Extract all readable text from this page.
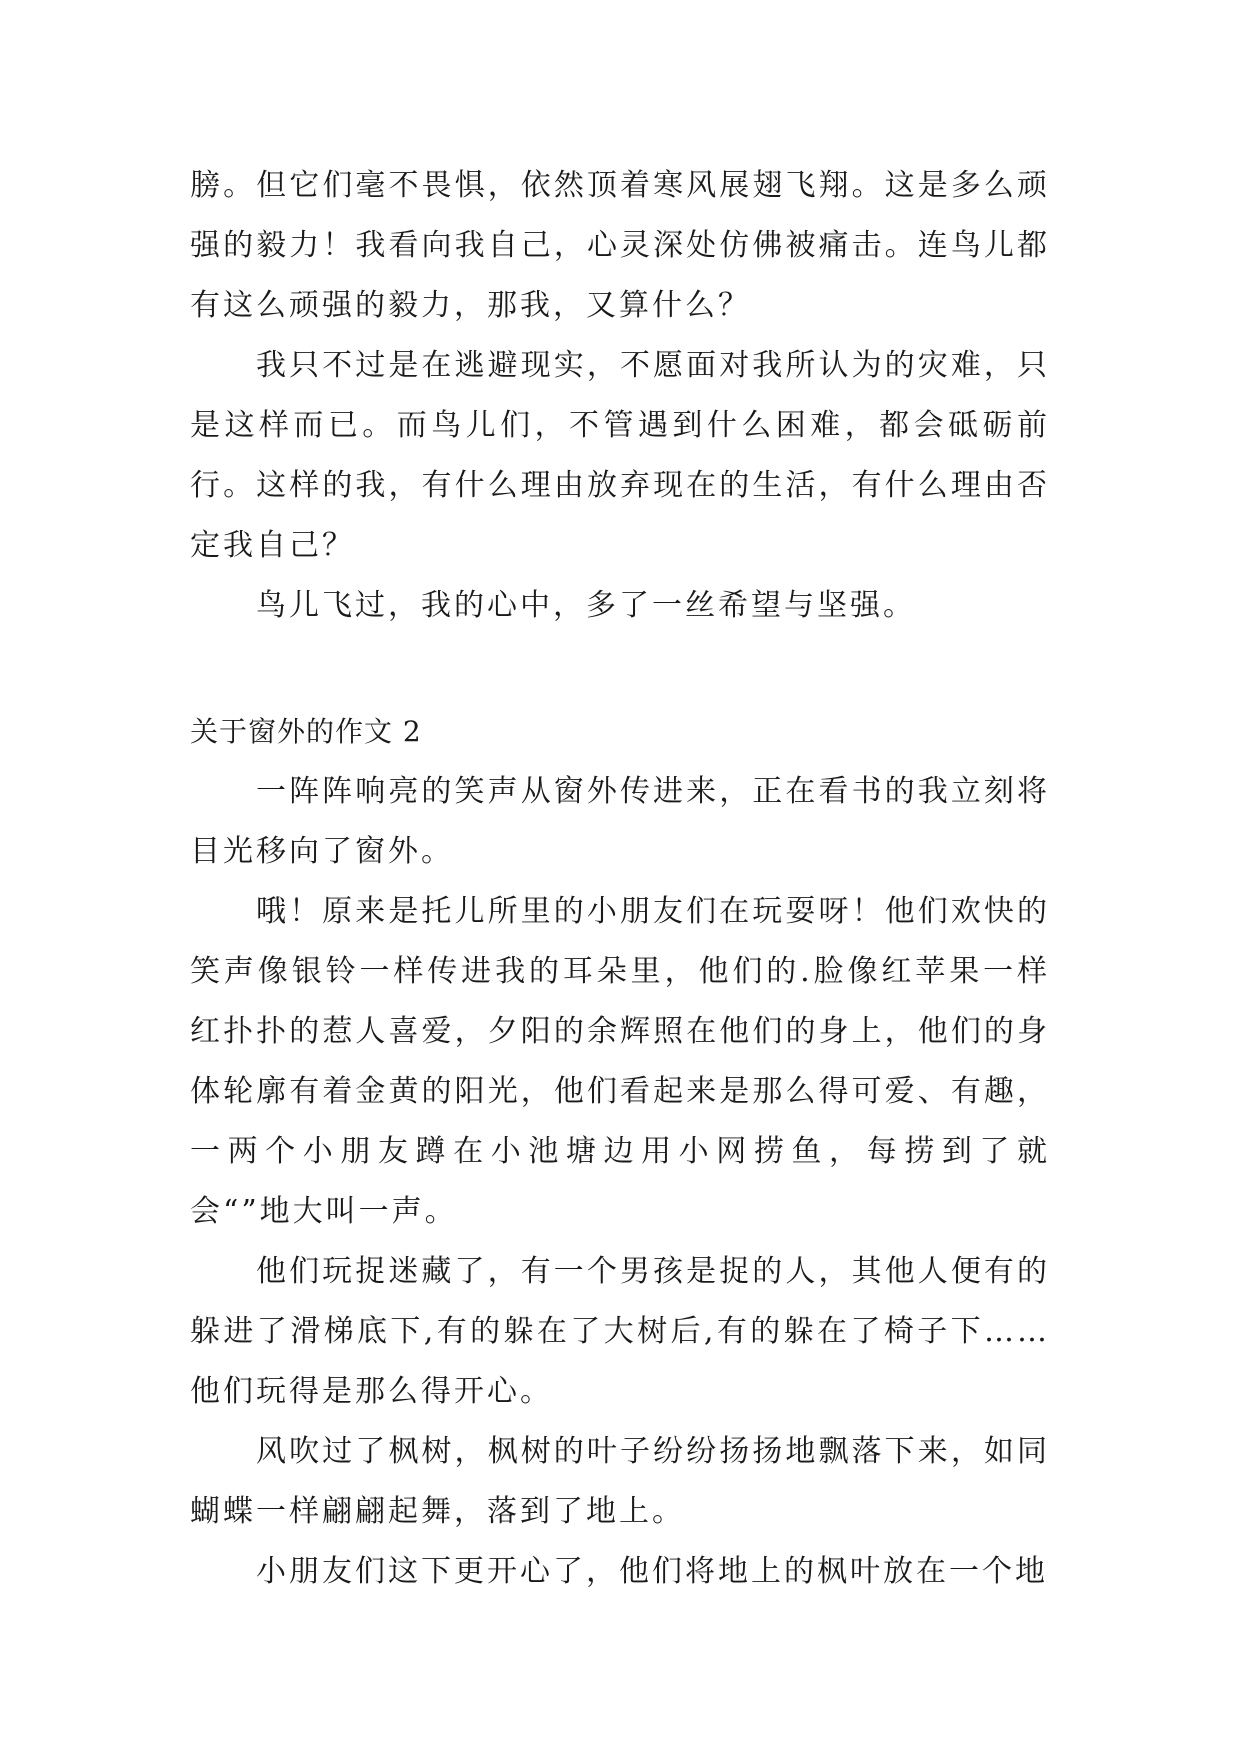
膀。但它们毫不畏惧，依然顶着寒风展翅飞翔。这是多么顽强的毅力！我看向我自己，心灵深处仿佛被痛击。连鸟儿都有这么顽强的毅力，那我，又算什么？

我只不过是在逃避现实，不愿面对我所认为的灾难，只是这样而已。而鸟儿们，不管遇到什么困难，都会砥砺前行。这样的我，有什么理由放弃现在的生活，有什么理由否定我自己？

鸟儿飞过，我的心中，多了一丝希望与坚强。

关于窗外的作文 2

一阵阵响亮的笑声从窗外传进来，正在看书的我立刻将目光移向了窗外。

哦！原来是托儿所里的小朋友们在玩耍呀！他们欢快的笑声像银铃一样传进我的耳朵里，他们的.脸像红苹果一样红扑扑的惹人喜爱，夕阳的余辉照在他们的身上，他们的身体轮廓有着金黄的阳光，他们看起来是那么得可爱、有趣，一两个小朋友蹲在小池塘边用小网捞鱼，每捞到了就会“”地大叫一声。

他们玩捉迷藏了，有一个男孩是捉的人，其他人便有的躲进了滑梯底下,有的躲在了大树后,有的躲在了椅子下……他们玩得是那么得开心。

风吹过了枫树，枫树的叶子纷纷扬扬地飘落下来，如同蝴蝶一样翩翩起舞，落到了地上。

小朋友们这下更开心了，他们将地上的枫叶放在一个地
